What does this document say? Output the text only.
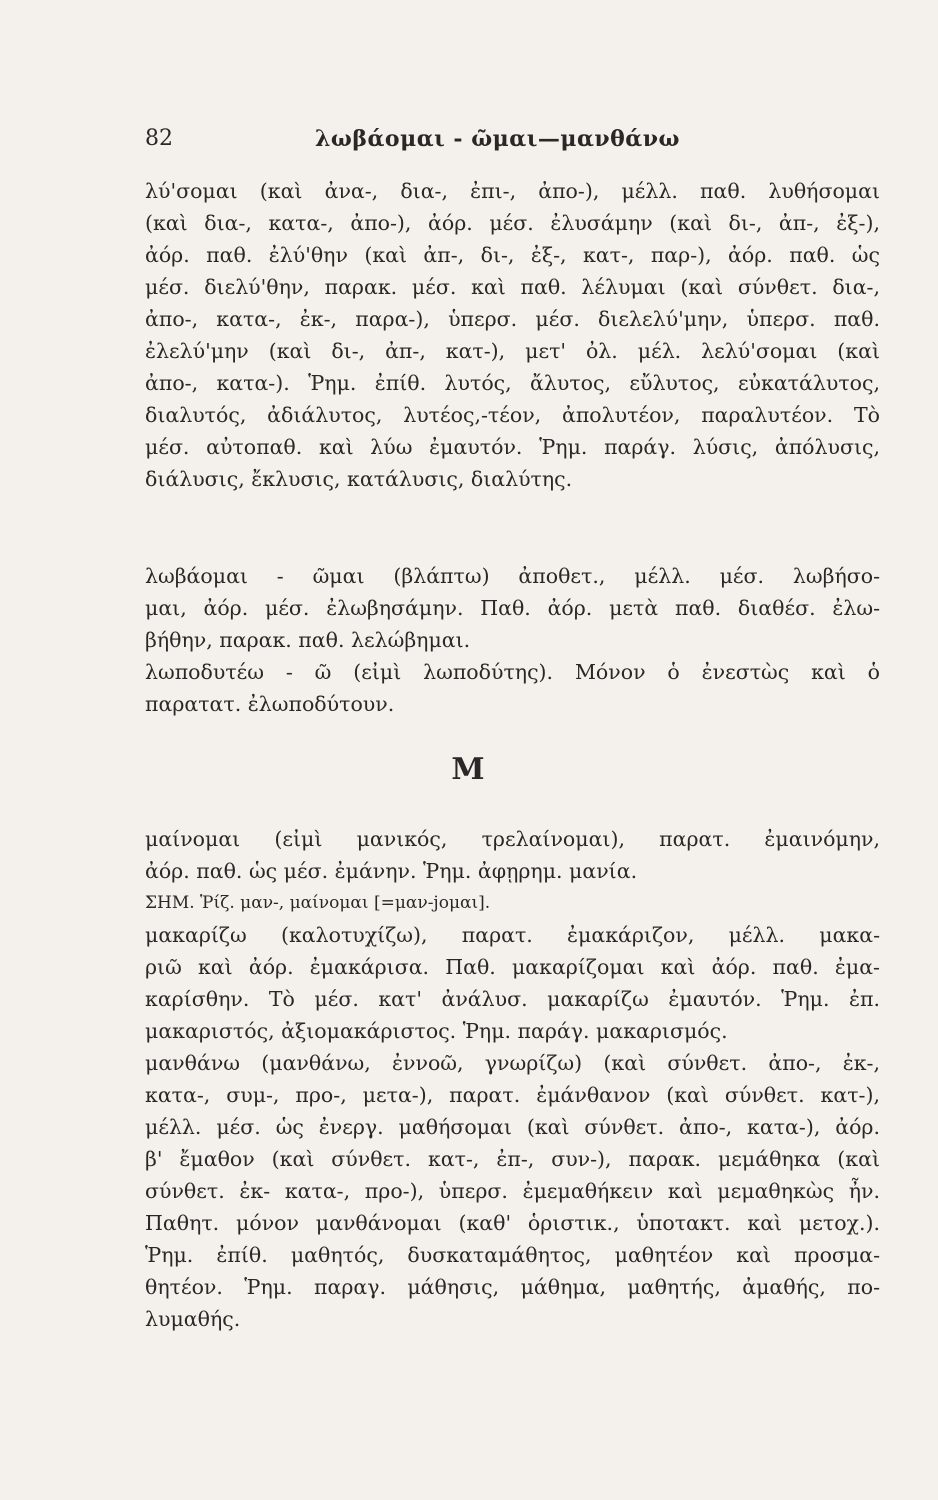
82	λωβάομαι - ῶμαι—μανθάνω
λύ'σομαι (καὶ ἀνα-, δια-, ἐπι-, ἀπο-), μέλλ. παθ. λυθήσομαι
(καὶ δια-, κατα-, ἀπο-), ἀόρ. μέσ. ἐλυσάμην (καὶ δι-, ἀπ-, ἐξ-),
ἀόρ. παθ. ἐλύ'θην (καὶ ἀπ-, δι-, ἐξ-, κατ-, παρ-), ἀόρ. παθ. ὡς
μέσ. διελύ'θην, παρακ. μέσ. καὶ παθ. λέλυμαι (καὶ σύνθετ. δια-,
ἀπο-, κατα-, ἐκ-, παρα-), ὑπερσ. μέσ. διελελύ'μην, ὑπερσ. παθ.
ἐλελύ'μην (καὶ δι-, ἀπ-, κατ-), μετ' ὀλ. μέλ. λελύ'σομαι (καὶ
ἀπο-, κατα-). Ῥημ. ἐπίθ. λυτός, ἄλυτος, εὔλυτος, εὐκατάλυτος,
διαλυτός, ἀδιάλυτος, λυτέος,-τέον, ἀπολυτέον, παραλυτέον. Τὸ
μέσ. αὐτοπαθ. καὶ λύω ἐμαυτόν. Ῥημ. παράγ. λύσις, ἀπόλυσις,
διάλυσις, ἔκλυσις, κατάλυσις, διαλύτης.
λωβάομαι - ῶμαι (βλάπτω) ἀποθετ., μέλλ. μέσ. λωβήσο-
μαι, ἀόρ. μέσ. ἐλωβησάμην. Παθ. ἀόρ. μετὰ παθ. διαθέσ. ἐλω-
βήθην, παρακ. παθ. λελώβημαι.
λωποδυτέω - ῶ (εἰμὶ λωποδύτης). Μόνον ὁ ἐνεστὼς καὶ ὁ
παρατατ. ἐλωποδύτουν.
M
μαίνομαι (εἰμὶ μανικός, τρελαίνομαι), παρατ. ἐμαινόμην,
ἀόρ. παθ. ὡς μέσ. ἐμάνην. Ῥημ. ἀφῃρημ. μανία.
ΣΗΜ. Ῥίζ. μαν-, μαίνομαι [=μαν-jομαι].
μακαρίζω (καλοτυχίζω), παρατ. ἐμακάριζον, μέλλ. μακα-
ριῶ καὶ ἀόρ. ἐμακάρισα. Παθ. μακαρίζομαι καὶ ἀόρ. παθ. ἐμα-
καρίσθην. Τὸ μέσ. κατ' ἀνάλυσ. μακαρίζω ἐμαυτόν. Ῥημ. ἐπ.
μακαριστός, ἀξιομακάριστος. Ῥημ. παράγ. μακαρισμός.
μανθάνω (μανθάνω, ἐννοῶ, γνωρίζω) (καὶ σύνθετ. ἀπο-, ἐκ-,
κατα-, συμ-, προ-, μετα-), παρατ. ἐμάνθανον (καὶ σύνθετ. κατ-),
μέλλ. μέσ. ὡς ἐνεργ. μαθήσομαι (καὶ σύνθετ. ἀπο-, κατα-), ἀόρ.
β' ἔμαθον (καὶ σύνθετ. κατ-, ἐπ-, συν-), παρακ. μεμάθηκα (καὶ
σύνθετ. ἐκ- κατα-, προ-), ὑπερσ. ἐμεμαθήκειν καὶ μεμαθηκὼς ἦν.
Παθητ. μόνον μανθάνομαι (καθ' ὁριστικ., ὑποτακτ. καὶ μετοχ.).
Ῥημ. ἐπίθ. μαθητός, δυσκαταμάθητος, μαθητέον καὶ προσμα-
θητέον. Ῥημ. παραγ. μάθησις, μάθημα, μαθητής, ἀμαθής, πο-
λυμαθής.
